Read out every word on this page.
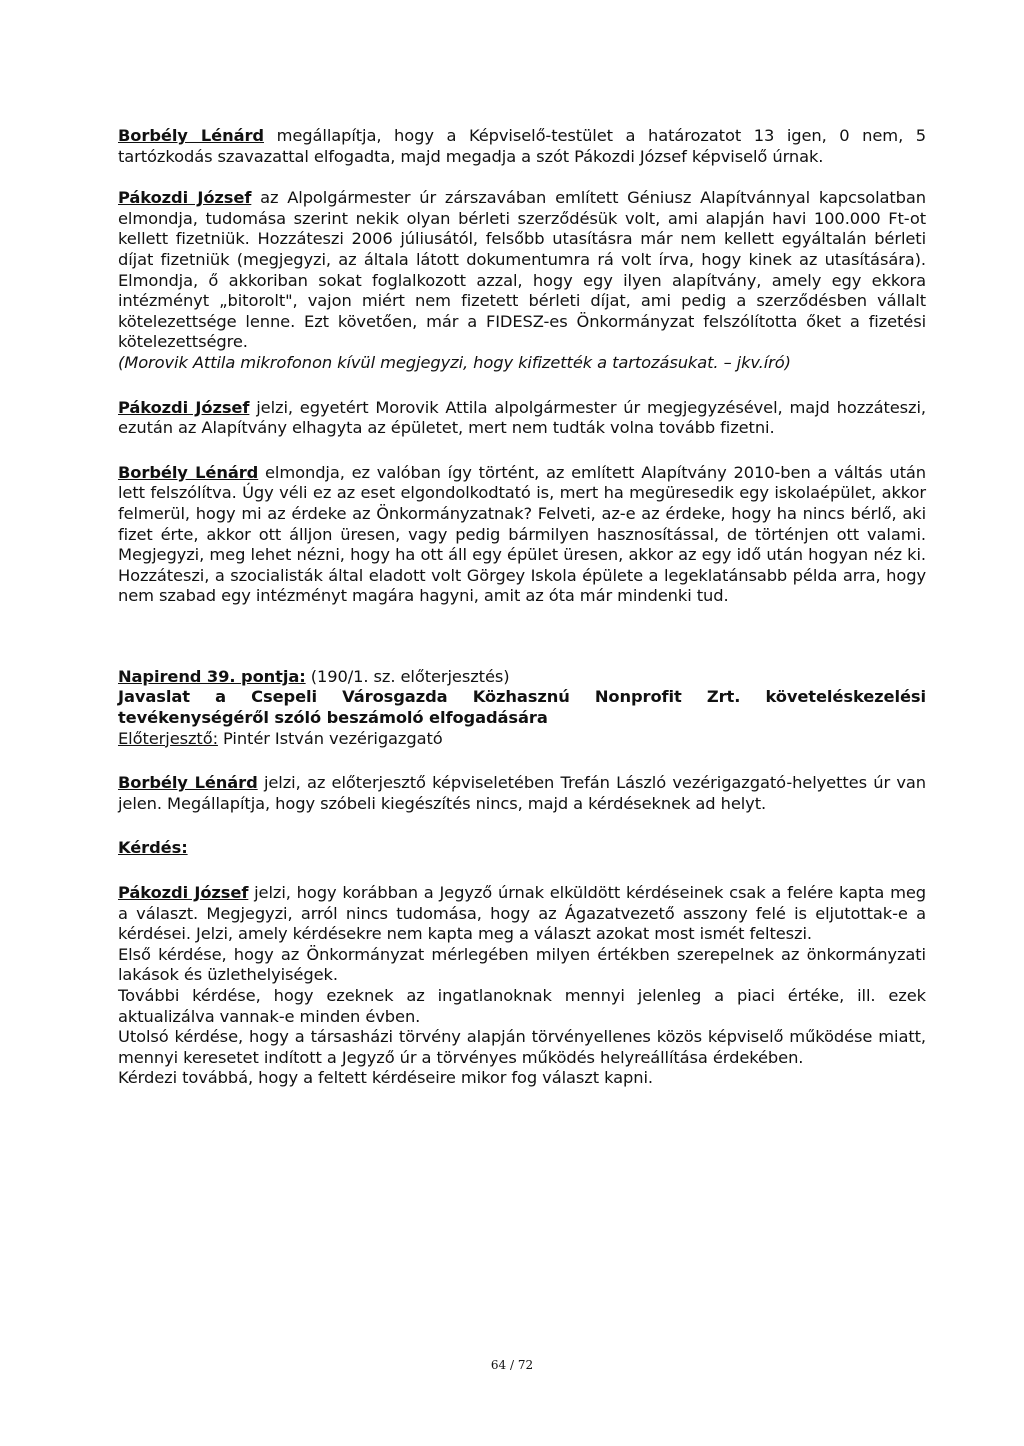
Borbély Lénárd megállapítja, hogy a Képviselő-testület a határozatot 13 igen, 0 nem, 5 tartózkodás szavazattal elfogadta, majd megadja a szót Pákozdi József képviselő úrnak.

Pákozdi József az Alpolgármester úr zárszavában említett Géniusz Alapítvánnyal kapcsolatban elmondja, tudomása szerint nekik olyan bérleti szerződésük volt, ami alapján havi 100.000 Ft-ot kellett fizetniük. Hozzáteszi 2006 júliusától, felsőbb utasításra már nem kellett egyáltalán bérleti díjat fizetniük (megjegyzi, az általa látott dokumentumra rá volt írva, hogy kinek az utasítására). Elmondja, ő akkoriban sokat foglalkozott azzal, hogy egy ilyen alapítvány, amely egy ekkora intézményt „bitorolt", vajon miért nem fizetett bérleti díjat, ami pedig a szerződésben vállalt kötelezettsége lenne. Ezt követően, már a FIDESZ-es Önkormányzat felszólította őket a fizetési kötelezettségre.

(Morovik Attila mikrofonon kívül megjegyzi, hogy kifizették a tartozásukat. – jkv.író)

Pákozdi József jelzi, egyetért Morovik Attila alpolgármester úr megjegyzésével, majd hozzáteszi, ezután az Alapítvány elhagyta az épületet, mert nem tudták volna tovább fizetni.

Borbély Lénárd elmondja, ez valóban így történt, az említett Alapítvány 2010-ben a váltás után lett felszólítva. Úgy véli ez az eset elgondolkodtató is, mert ha megüresedik egy iskolaépület, akkor felmerül, hogy mi az érdeke az Önkormányzatnak? Felveti, az-e az érdeke, hogy ha nincs bérlő, aki fizet érte, akkor ott álljon üresen, vagy pedig bármilyen hasznosítással, de történjen ott valami. Megjegyzi, meg lehet nézni, hogy ha ott áll egy épület üresen, akkor az egy idő után hogyan néz ki. Hozzáteszi, a szocialisták által eladott volt Görgey Iskola épülete a legeklatánsabb példa arra, hogy nem szabad egy intézményt magára hagyni, amit az óta már mindenki tud.

Napirend 39. pontja: (190/1. sz. előterjesztés)

Javaslat a Csepeli Városgazda Közhasznú Nonprofit Zrt. követeléskezelési

tevékenységéről szóló beszámoló elfogadására

Előterjesztő: Pintér István vezérigazgató

Borbély Lénárd jelzi, az előterjesztő képviseletében Trefán László vezérigazgató-helyettes úr van jelen. Megállapítja, hogy szóbeli kiegészítés nincs, majd a kérdéseknek ad helyt.

Kérdés:

Pákozdi József jelzi, hogy korábban a Jegyző úrnak elküldött kérdéseinek csak a felére kapta meg a választ. Megjegyzi, arról nincs tudomása, hogy az Ágazatvezető asszony felé is eljutottak-e a kérdései. Jelzi, amely kérdésekre nem kapta meg a választ azokat most ismét felteszi.

Első kérdése, hogy az Önkormányzat mérlegében milyen értékben szerepelnek az önkormányzati lakások és üzlethelyiségek.

További kérdése, hogy ezeknek az ingatlanoknak mennyi jelenleg a piaci értéke, ill. ezek aktualizálva vannak-e minden évben.

Utolsó kérdése, hogy a társasházi törvény alapján törvényellenes közös képviselő működése miatt, mennyi keresetet indított a Jegyző úr a törvényes működés helyreállítása érdekében.

Kérdezi továbbá, hogy a feltett kérdéseire mikor fog választ kapni.

64 / 72
